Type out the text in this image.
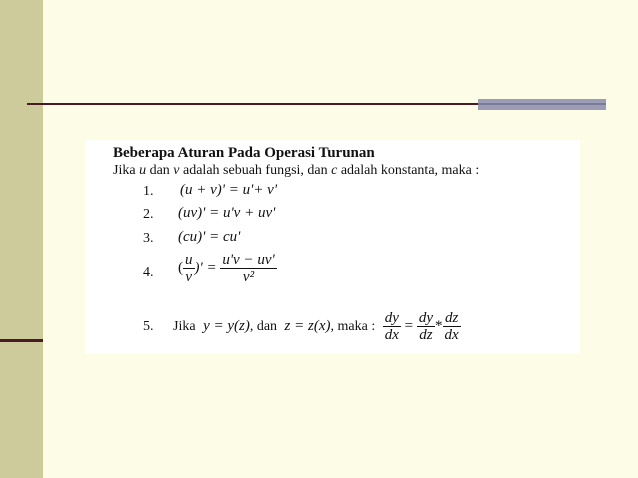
Beberapa Aturan Pada Operasi Turunan
Jika u dan v adalah sebuah fungsi, dan c adalah konstanta, maka :
1. (u + v)' = u'+ v'
2. (uv)' = u'v + uv'
3. (cu)' = cu'
4. ( $\frac{u}{v}$ )' = $\frac{u'v - uv'}{\text{v²}}$
5. Jika y = y(z), dan z = z(x), maka : $\frac{dy}{dx} = \frac{dy}{dz} * \frac{dz}{dx}$
